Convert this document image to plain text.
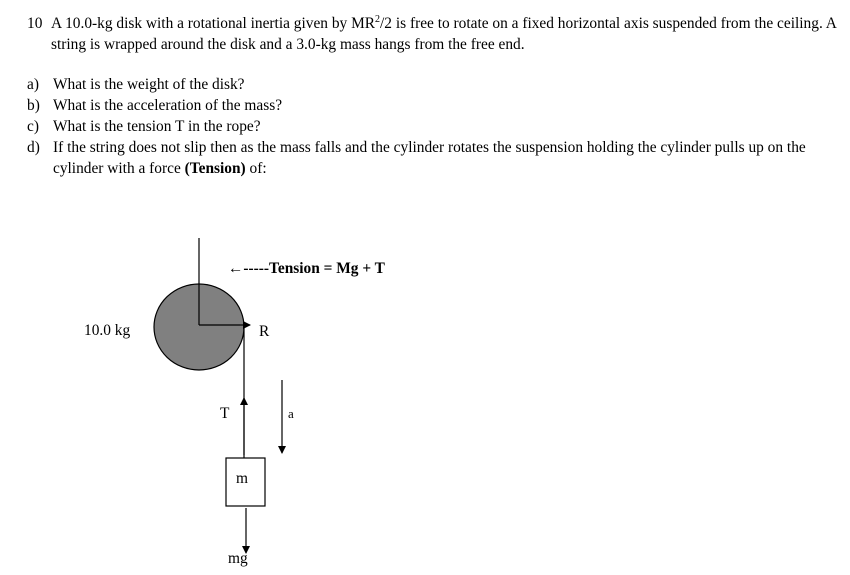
10 A 10.0-kg disk with a rotational inertia given by $MR^2/2$ is free to rotate on a fixed horizontal axis suspended from the ceiling. A string is wrapped around the disk and a 3.0-kg mass hangs from the free end.
a) What is the weight of the disk?
b) What is the acceleration of the mass?
c) What is the tension T in the rope?
d) If the string does not slip then as the mass falls and the cylinder rotates the suspension holding the cylinder pulls up on the cylinder with a force (Tension) of:
←-----Tension = Mg + T
10.0 kg	R
T	a
m
mg
